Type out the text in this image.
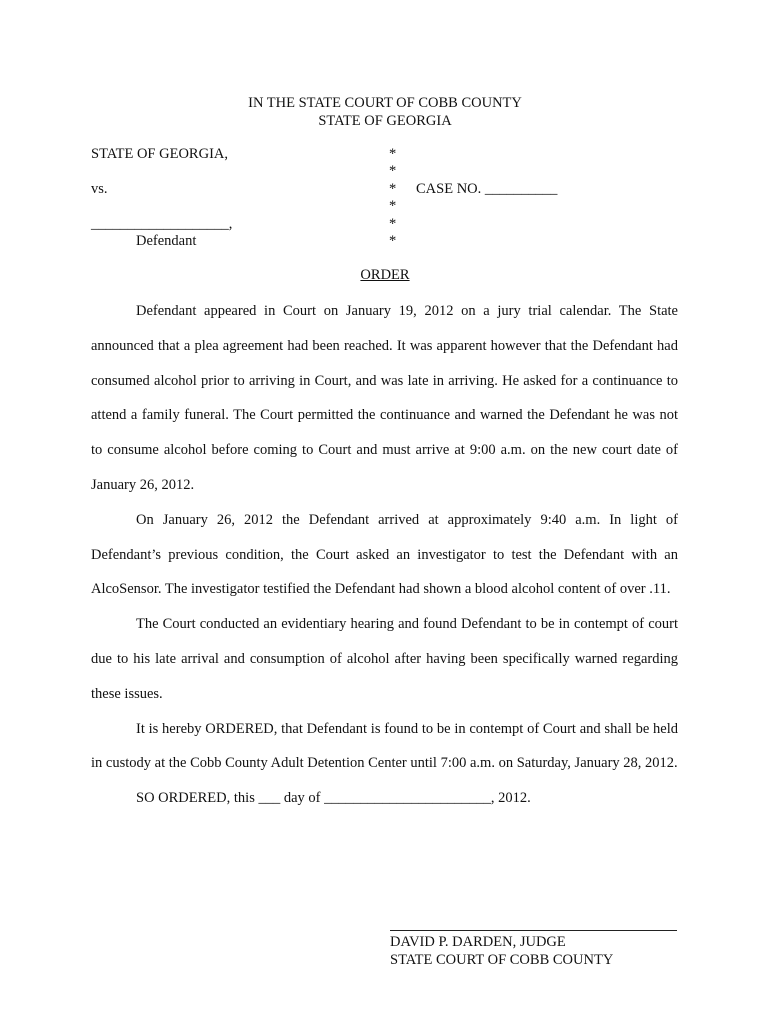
IN THE STATE COURT OF COBB COUNTY
STATE OF GEORGIA
STATE OF GEORGIA,
vs.
___________________,
Defendant
*
*
*
*
*
*
CASE NO. __________
ORDER

Defendant appeared in Court on January 19, 2012 on a jury trial calendar. The State announced that a plea agreement had been reached. It was apparent however that the Defendant had consumed alcohol prior to arriving in Court, and was late in arriving. He asked for a continuance to attend a family funeral. The Court permitted the continuance and warned the Defendant he was not to consume alcohol before coming to Court and must arrive at 9:00 a.m. on the new court date of January 26, 2012.

On January 26, 2012 the Defendant arrived at approximately 9:40 a.m. In light of Defendant’s previous condition, the Court asked an investigator to test the Defendant with an AlcoSensor. The investigator testified the Defendant had shown a blood alcohol content of over .11.

The Court conducted an evidentiary hearing and found Defendant to be in contempt of court due to his late arrival and consumption of alcohol after having been specifically warned regarding these issues.

It is hereby ORDERED, that Defendant is found to be in contempt of Court and shall be held in custody at the Cobb County Adult Detention Center until 7:00 a.m. on Saturday, January 28, 2012.

SO ORDERED, this ___ day of _______________________, 2012.

DAVID P. DARDEN, JUDGE
STATE COURT OF COBB COUNTY
